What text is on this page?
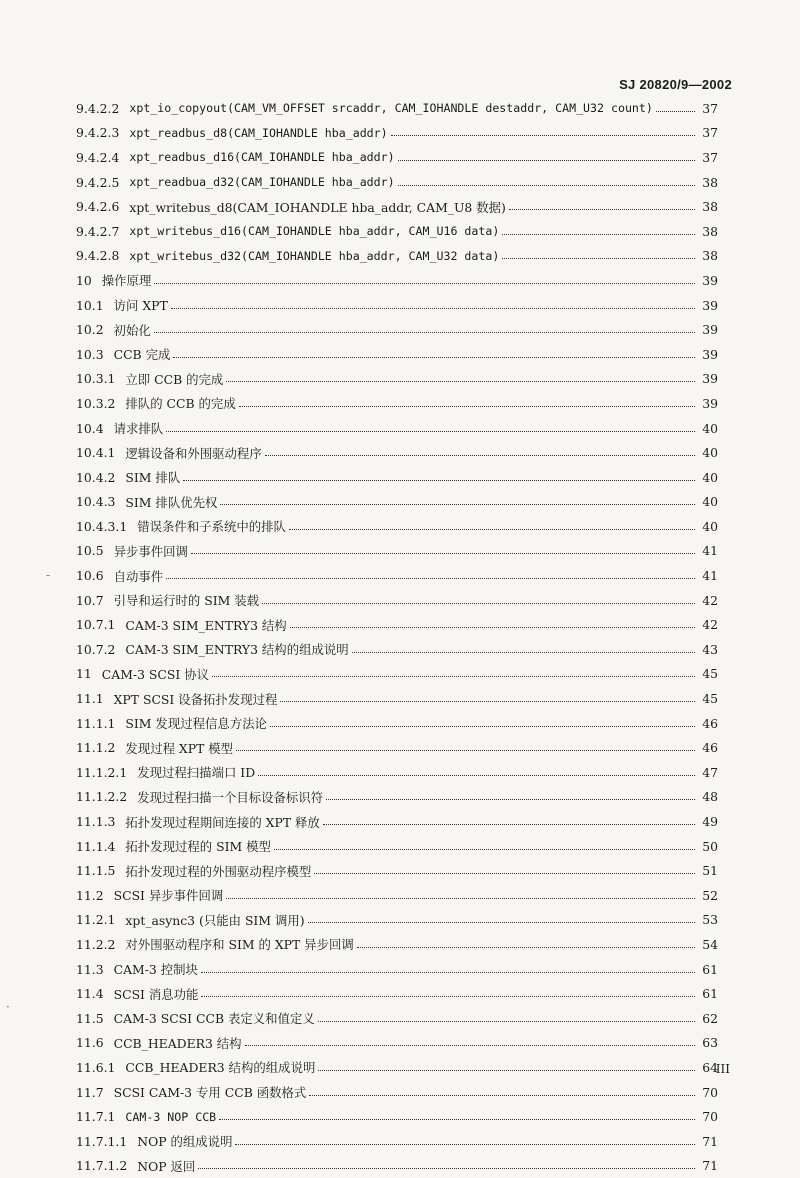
SJ 20820/9—2002
9.4.2.2 xpt_io_copyout(CAM_VM_OFFSET srcaddr, CAM_IOHANDLE destaddr, CAM_U32 count)	37
9.4.2.3 xpt_readbus_d8(CAM_IOHANDLE hba_addr)	37
9.4.2.4 xpt_readbus_d16(CAM_IOHANDLE hba_addr)	37
9.4.2.5 xpt_readbua_d32(CAM_IOHANDLE hba_addr)	38
9.4.2.6 xpt_writebus_d8(CAM_IOHANDLE hba_addr, CAM_U8 数据)	38
9.4.2.7 xpt_writebus_d16(CAM_IOHANDLE hba_addr, CAM_U16 data)	38
9.4.2.8 xpt_writebus_d32(CAM_IOHANDLE hba_addr, CAM_U32 data)	38
10 操作原理	39
10.1 访问 XPT	39
10.2 初始化	39
10.3 CCB 完成	39
10.3.1 立即 CCB 的完成	39
10.3.2 排队的 CCB 的完成	39
10.4 请求排队	40
10.4.1 逻辑设备和外围驱动程序	40
10.4.2 SIM 排队	40
10.4.3 SIM 排队优先权	40
10.4.3.1 错误条件和子系统中的排队	40
10.5 异步事件回调	41
10.6 自动事件	41
10.7 引导和运行时的 SIM 装载	42
10.7.1 CAM-3 SIM_ENTRY3 结构	42
10.7.2 CAM-3 SIM_ENTRY3 结构的组成说明	43
11 CAM-3 SCSI 协议	45
11.1 XPT SCSI 设备拓扑发现过程	45
11.1.1 SIM 发现过程信息方法论	46
11.1.2 发现过程 XPT 模型	46
11.1.2.1 发现过程扫描端口 ID	47
11.1.2.2 发现过程扫描一个目标设备标识符	48
11.1.3 拓扑发现过程期间连接的 XPT 释放	49
11.1.4 拓扑发现过程的 SIM 模型	50
11.1.5 拓扑发现过程的外围驱动程序模型	51
11.2 SCSI 异步事件回调	52
11.2.1 xpt_async3 (只能由 SIM 调用)	53
11.2.2 对外围驱动程序和 SIM 的 XPT 异步回调	54
11.3 CAM-3 控制块	61
11.4 SCSI 消息功能	61
11.5 CAM-3 SCSI CCB 表定义和值定义	62
11.6 CCB_HEADER3 结构	63
11.6.1 CCB_HEADER3 结构的组成说明	64
11.7 SCSI CAM-3 专用 CCB 函数格式	70
11.7.1 CAM-3 NOP CCB	70
11.7.1.1 NOP 的组成说明	71
11.7.1.2 NOP 返回	71
III
-
·
